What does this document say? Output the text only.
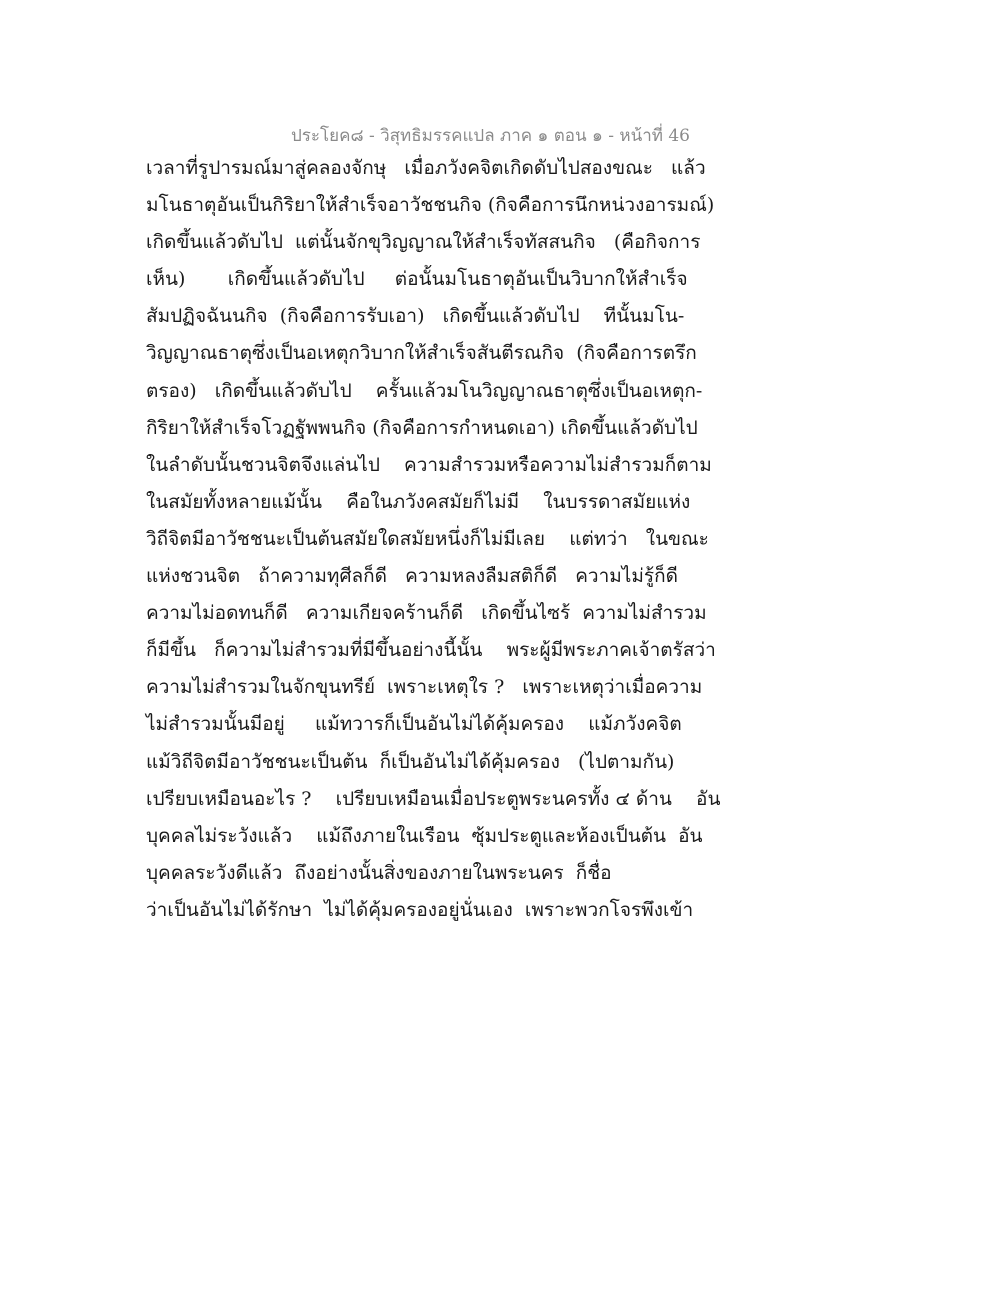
ประโยค๘ - วิสุทธิมรรคแปล ภาค ๑ ตอน ๑ - หน้าที่ 46
เวลาที่รูปารมณ์มาสู่คลองจักษุ   เมื่อภวังคจิตเกิดดับไปสองขณะ   แล้ว
มโนธาตุอันเป็นกิริยาให้สำเร็จอาวัชชนกิจ (กิจคือการนึกหน่วงอารมณ์)
เกิดขึ้นแล้วดับไป  แต่นั้นจักขุวิญญาณให้สำเร็จทัสสนกิจ   (คือกิจการ
เห็น)       เกิดขึ้นแล้วดับไป     ต่อนั้นมโนธาตุอันเป็นวิบากให้สำเร็จ
สัมปฏิจฉันนกิจ  (กิจคือการรับเอา)   เกิดขึ้นแล้วดับไป    ทีนั้นมโน-
วิญญาณธาตุซึ่งเป็นอเหตุกวิบากให้สำเร็จสันตีรณกิจ  (กิจคือการตรึก
ตรอง)   เกิดขึ้นแล้วดับไป    ครั้นแล้วมโนวิญญาณธาตุซึ่งเป็นอเหตุก-
กิริยาให้สำเร็จโวฏฐัพพนกิจ (กิจคือการกำหนดเอา) เกิดขึ้นแล้วดับไป
ในลำดับนั้นชวนจิตจึงแล่นไป    ความสำรวมหรือความไม่สำรวมก็ตาม
ในสมัยทั้งหลายแม้นั้น    คือในภวังคสมัยก็ไม่มี    ในบรรดาสมัยแห่ง
วิถีจิตมีอาวัชชนะเป็นต้นสมัยใดสมัยหนึ่งก็ไม่มีเลย    แต่ทว่า   ในขณะ
แห่งชวนจิต   ถ้าความทุศีลก็ดี   ความหลงลืมสติก็ดี   ความไม่รู้ก็ดี
ความไม่อดทนก็ดี   ความเกียจคร้านก็ดี   เกิดขึ้นไซร้  ความไม่สำรวม
ก็มีขึ้น   ก็ความไม่สำรวมที่มีขึ้นอย่างนี้นั้น    พระผู้มีพระภาคเจ้าตรัสว่า
ความไม่สำรวมในจักขุนทรีย์  เพราะเหตุใร ?   เพราะเหตุว่าเมื่อความ
ไม่สำรวมนั้นมีอยู่     แม้ทวารก็เป็นอันไม่ได้คุ้มครอง    แม้ภวังคจิต
แม้วิถีจิตมีอาวัชชนะเป็นต้น  ก็เป็นอันไม่ได้คุ้มครอง   (ไปตามกัน)
เปรียบเหมือนอะไร ?    เปรียบเหมือนเมื่อประตูพระนครทั้ง ๔ ด้าน    อัน
บุคคลไม่ระวังแล้ว    แม้ถึงภายในเรือน  ซุ้มประตูและห้องเป็นต้น  อัน
บุคคลระวังดีแล้ว  ถึงอย่างนั้นสิ่งของภายในพระนคร  ก็ชื่อ
ว่าเป็นอันไม่ได้รักษา  ไม่ได้คุ้มครองอยู่นั่นเอง  เพราะพวกโจรพึงเข้า
